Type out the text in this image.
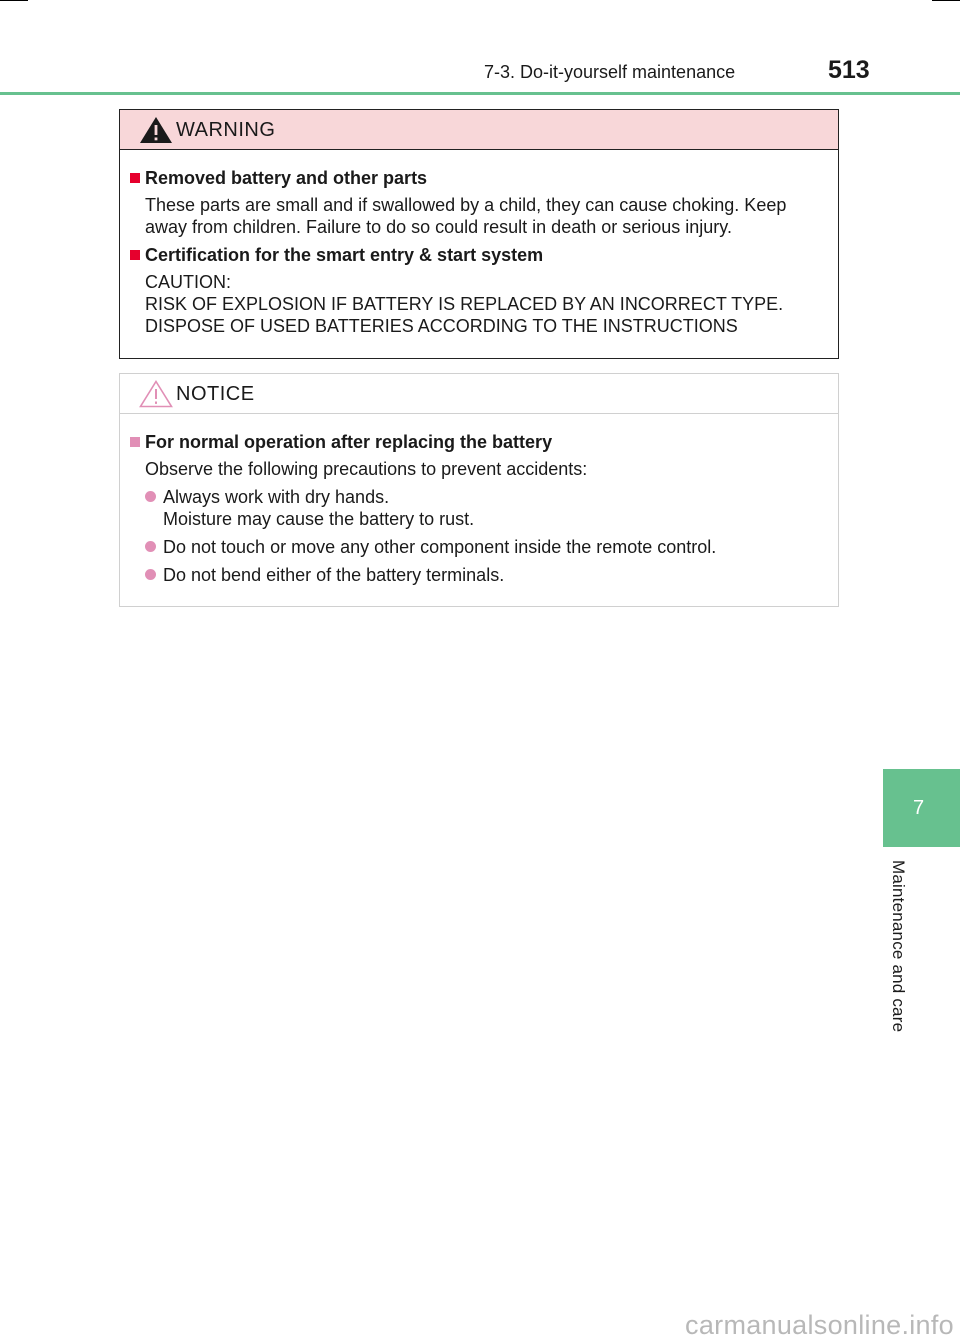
7-3. Do-it-yourself maintenance	513
WARNING
Removed battery and other parts
These parts are small and if swallowed by a child, they can cause choking. Keep away from children. Failure to do so could result in death or serious injury.
Certification for the smart entry & start system
CAUTION:
RISK OF EXPLOSION IF BATTERY IS REPLACED BY AN INCORRECT TYPE.
DISPOSE OF USED BATTERIES ACCORDING TO THE INSTRUCTIONS
NOTICE
For normal operation after replacing the battery
Observe the following precautions to prevent accidents:
Always work with dry hands.
Moisture may cause the battery to rust.
Do not touch or move any other component inside the remote control.
Do not bend either of the battery terminals.
7
Maintenance and care
carmanualsonline.info
